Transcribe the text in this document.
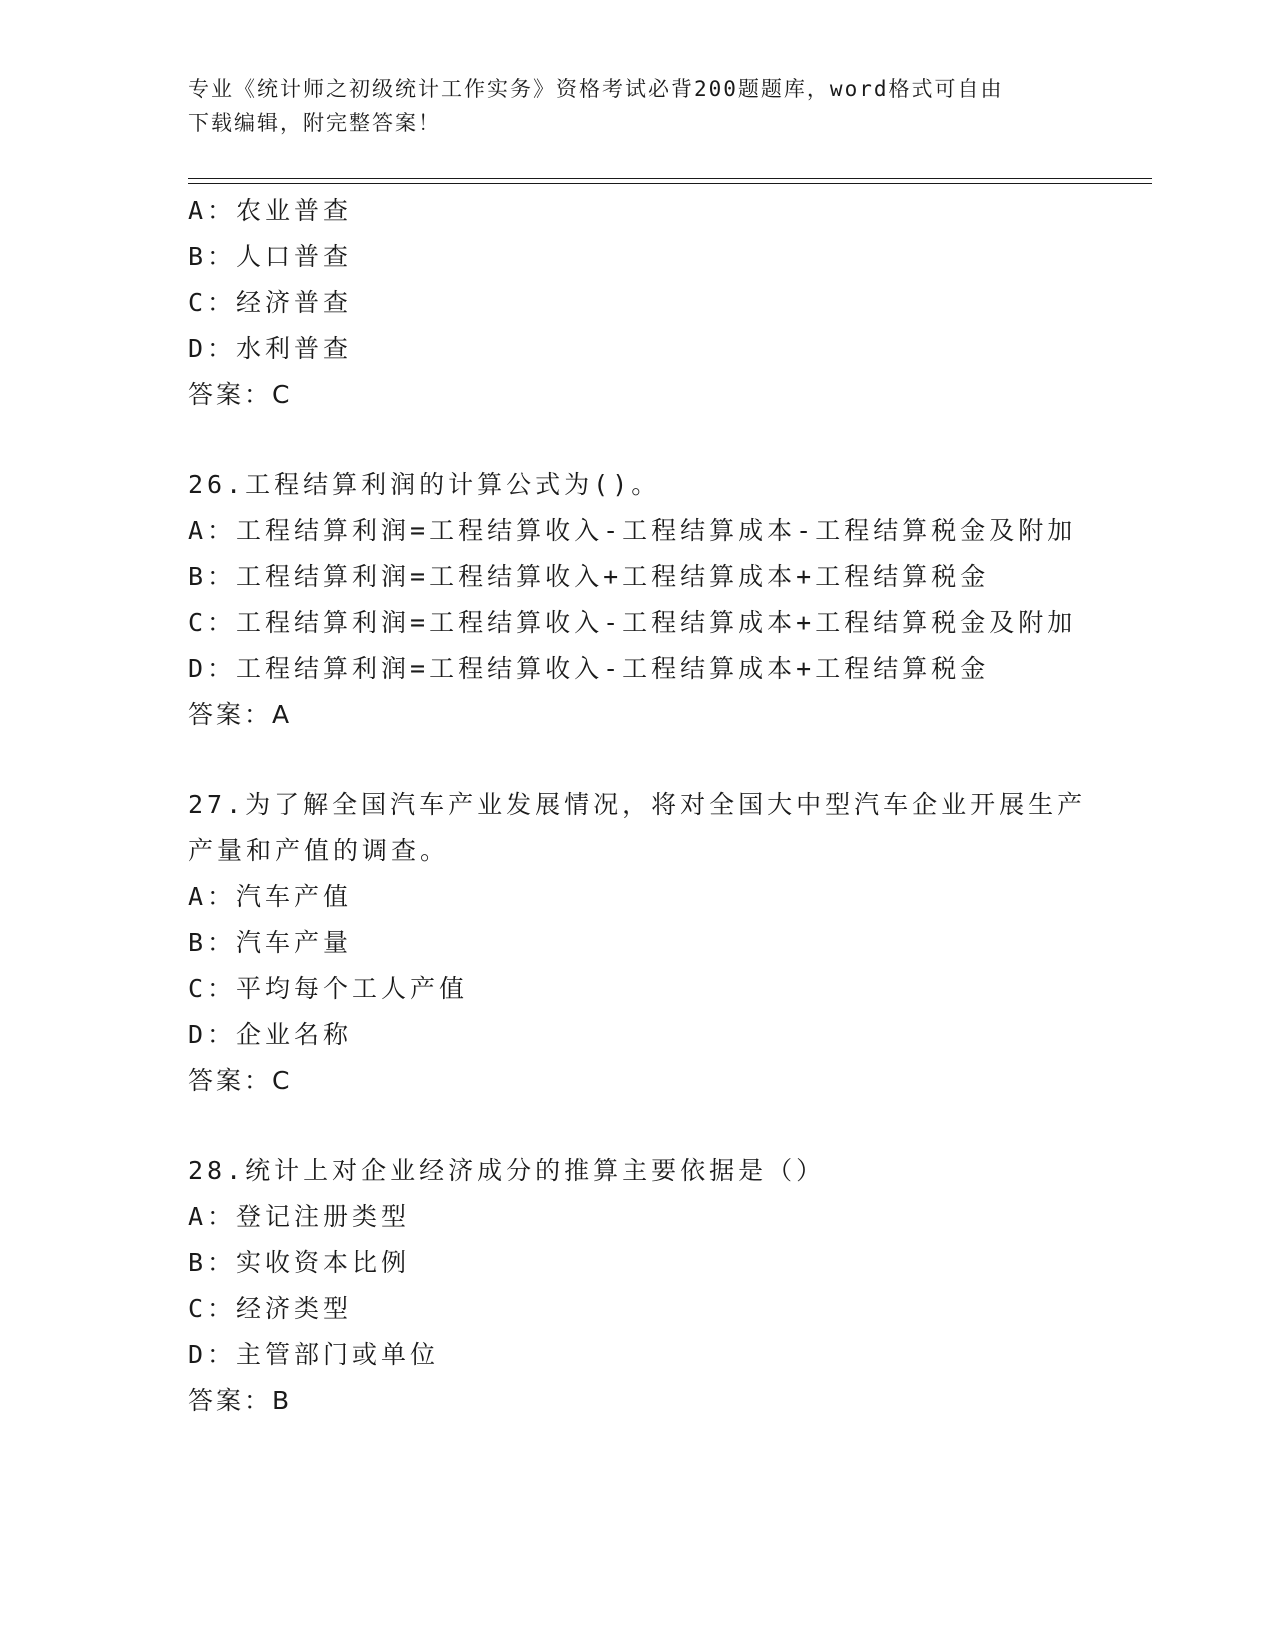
专业《统计师之初级统计工作实务》资格考试必背200题题库，word格式可自由
下载编辑，附完整答案！
A：农业普查
B：人口普查
C：经济普查
D：水利普查
答案：C
26.工程结算利润的计算公式为()。
A：工程结算利润=工程结算收入-工程结算成本-工程结算税金及附加
B：工程结算利润=工程结算收入+工程结算成本+工程结算税金
C：工程结算利润=工程结算收入-工程结算成本+工程结算税金及附加
D：工程结算利润=工程结算收入-工程结算成本+工程结算税金
答案：A
27.为了解全国汽车产业发展情况，将对全国大中型汽车企业开展生产
产量和产值的调查。
A：汽车产值
B：汽车产量
C：平均每个工人产值
D：企业名称
答案：C
28.统计上对企业经济成分的推算主要依据是（）
A：登记注册类型
B：实收资本比例
C：经济类型
D：主管部门或单位
答案：B
